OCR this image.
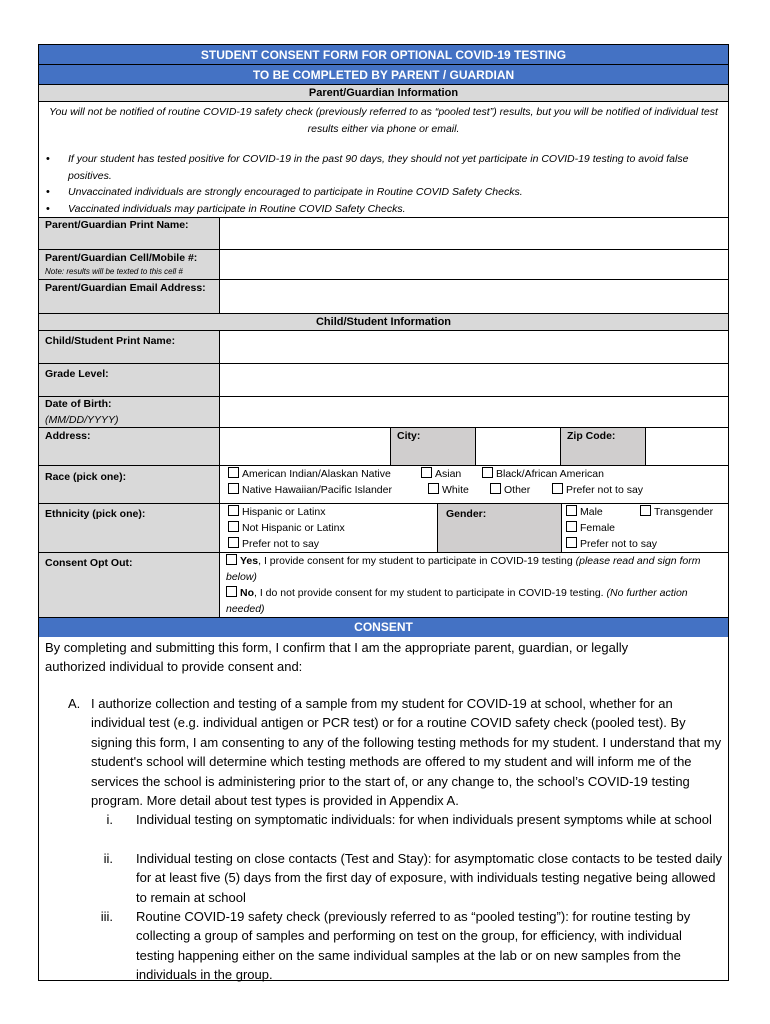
STUDENT CONSENT FORM FOR OPTIONAL COVID-19 TESTING
TO BE COMPLETED BY PARENT / GUARDIAN
Parent/Guardian Information
You will not be notified of routine COVID-19 safety check (previously referred to as “pooled test”) results, but you will be notified of individual test results either via phone or email.
• If your student has tested positive for COVID-19 in the past 90 days, they should not yet participate in COVID-19 testing to avoid false positives.
• Unvaccinated individuals are strongly encouraged to participate in Routine COVID Safety Checks.
• Vaccinated individuals may participate in Routine COVID Safety Checks.
Parent/Guardian Print Name:
Parent/Guardian Cell/Mobile #:
Note: results will be texted to this cell #
Parent/Guardian Email Address:
Child/Student Information
Child/Student Print Name:
Grade Level:
Date of Birth:
(MM/DD/YYYY)
Address:	City:	Zip Code:
Race (pick one):	American Indian/Alaskan Native	Asian	Black/African American
Native Hawaiian/Pacific Islander	White	Other	Prefer not to say
Ethnicity (pick one):	Hispanic or Latinx
Not Hispanic or Latinx
Prefer not to say
Gender:	Male	Transgender
Female
Prefer not to say
Consent Opt Out:	Yes, I provide consent for my student to participate in COVID-19 testing (please read and sign form below)
No, I do not provide consent for my student to participate in COVID-19 testing. (No further action needed)
CONSENT
By completing and submitting this form, I confirm that I am the appropriate parent, guardian, or legally authorized individual to provide consent and:
A. I authorize collection and testing of a sample from my student for COVID-19 at school, whether for an individual test (e.g. individual antigen or PCR test) or for a routine COVID safety check (pooled test). By signing this form, I am consenting to any of the following testing methods for my student. I understand that my student's school will determine which testing methods are offered to my student and will inform me of the services the school is administering prior to the start of, or any change to, the school’s COVID-19 testing program. More detail about test types is provided in Appendix A.
i. Individual testing on symptomatic individuals: for when individuals present symptoms while at school
ii. Individual testing on close contacts (Test and Stay): for asymptomatic close contacts to be tested daily for at least five (5) days from the first day of exposure, with individuals testing negative being allowed to remain at school
iii. Routine COVID-19 safety check (previously referred to as “pooled testing”): for routine testing by collecting a group of samples and performing on test on the group, for efficiency, with individual testing happening either on the same individual samples at the lab or on new samples from the individuals in the group.
